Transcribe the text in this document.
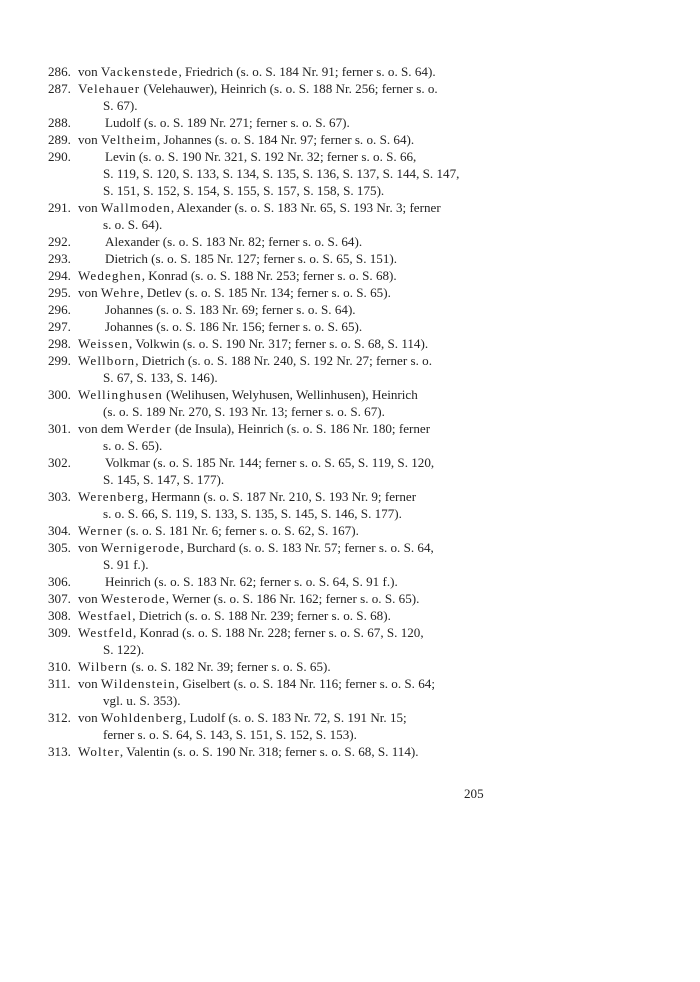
286. von Vackenstede, Friedrich (s. o. S. 184 Nr. 91; ferner s. o. S. 64).
287. Velehauer (Velehauwer), Heinrich (s. o. S. 188 Nr. 256; ferner s. o.
S. 67).
288.	Ludolf (s. o. S. 189 Nr. 271; ferner s. o. S. 67).
289. von Veltheim, Johannes (s. o. S. 184 Nr. 97; ferner s. o. S. 64).
290.	Levin (s. o. S. 190 Nr. 321, S. 192 Nr. 32; ferner s. o. S. 66,
S. 119, S. 120, S. 133, S. 134, S. 135, S. 136, S. 137, S. 144, S. 147,
S. 151, S. 152, S. 154, S. 155, S. 157, S. 158, S. 175).
291. von Wallmoden, Alexander (s. o. S. 183 Nr. 65, S. 193 Nr. 3; ferner
s. o. S. 64).
292.	Alexander (s. o. S. 183 Nr. 82; ferner s. o. S. 64).
293.	Dietrich (s. o. S. 185 Nr. 127; ferner s. o. S. 65, S. 151).
294. Wedeghen, Konrad (s. o. S. 188 Nr. 253; ferner s. o. S. 68).
295. von Wehre, Detlev (s. o. S. 185 Nr. 134; ferner s. o. S. 65).
296.	Johannes (s. o. S. 183 Nr. 69; ferner s. o. S. 64).
297.	Johannes (s. o. S. 186 Nr. 156; ferner s. o. S. 65).
298. Weissen, Volkwin (s. o. S. 190 Nr. 317; ferner s. o. S. 68, S. 114).
299. Wellborn, Dietrich (s. o. S. 188 Nr. 240, S. 192 Nr. 27; ferner s. o.
S. 67, S. 133, S. 146).
300. Wellinghusen (Welihusen, Welyhusen, Wellinhusen), Heinrich
(s. o. S. 189 Nr. 270, S. 193 Nr. 13; ferner s. o. S. 67).
301. von dem Werder (de Insula), Heinrich (s. o. S. 186 Nr. 180; ferner
s. o. S. 65).
302.	Volkmar (s. o. S. 185 Nr. 144; ferner s. o. S. 65, S. 119, S. 120,
S. 145, S. 147, S. 177).
303. Werenberg, Hermann (s. o. S. 187 Nr. 210, S. 193 Nr. 9; ferner
s. o. S. 66, S. 119, S. 133, S. 135, S. 145, S. 146, S. 177).
304. Werner (s. o. S. 181 Nr. 6; ferner s. o. S. 62, S. 167).
305. von Wernigerode, Burchard (s. o. S. 183 Nr. 57; ferner s. o. S. 64,
S. 91 f.).
306.	Heinrich (s. o. S. 183 Nr. 62; ferner s. o. S. 64, S. 91 f.).
307. von Westerode, Werner (s. o. S. 186 Nr. 162; ferner s. o. S. 65).
308. Westfael, Dietrich (s. o. S. 188 Nr. 239; ferner s. o. S. 68).
309. Westfeld, Konrad (s. o. S. 188 Nr. 228; ferner s. o. S. 67, S. 120,
S. 122).
310. Wilbern (s. o. S. 182 Nr. 39; ferner s. o. S. 65).
311. von Wildenstein, Giselbert (s. o. S. 184 Nr. 116; ferner s. o. S. 64;
vgl. u. S. 353).
312. von Wohldenberg, Ludolf (s. o. S. 183 Nr. 72, S. 191 Nr. 15;
ferner s. o. S. 64, S. 143, S. 151, S. 152, S. 153).
313. Wolter, Valentin (s. o. S. 190 Nr. 318; ferner s. o. S. 68, S. 114).
205
